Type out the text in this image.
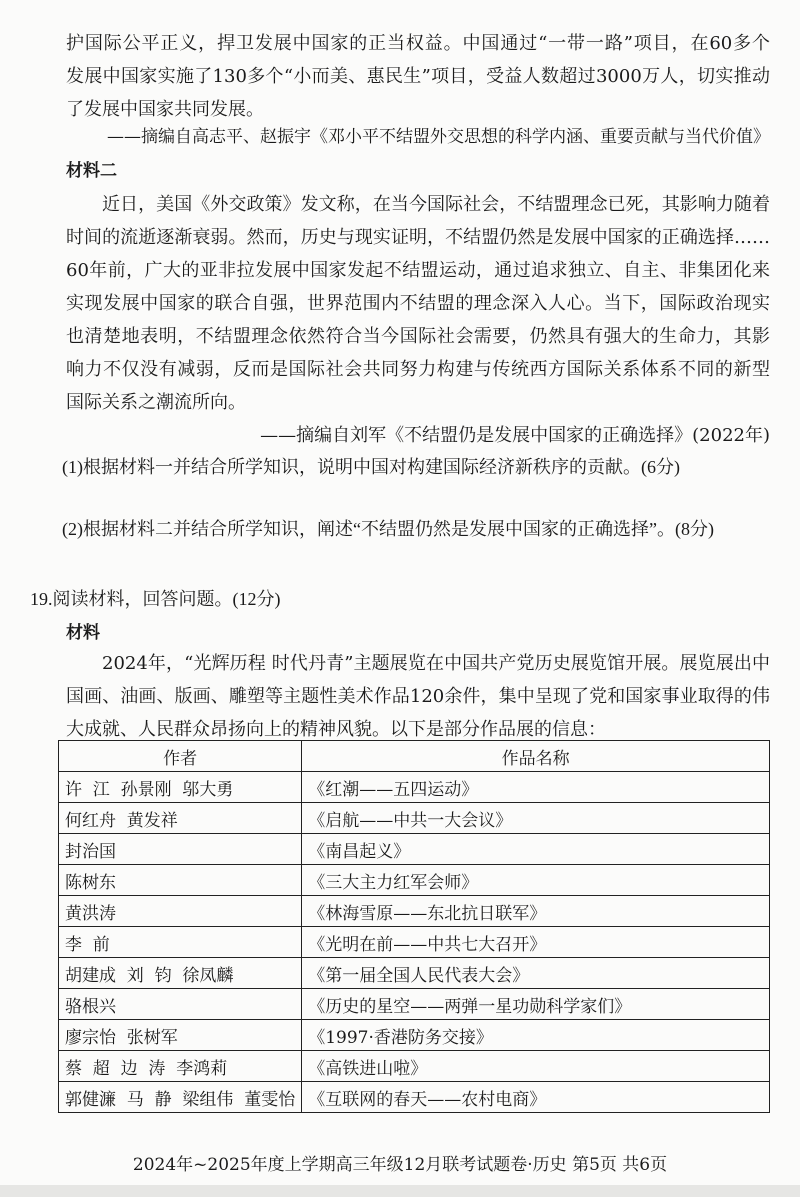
护国际公平正义，捍卫发展中国家的正当权益。中国通过“一带一路”项目，在60多个
发展中国家实施了130多个“小而美、惠民生”项目，受益人数超过3000万人，切实推动
了发展中国家共同发展。
——摘编自高志平、赵振宇《邓小平不结盟外交思想的科学内涵、重要贡献与当代价值》
材料二
近日，美国《外交政策》发文称，在当今国际社会，不结盟理念已死，其影响力随着
时间的流逝逐渐衰弱。然而，历史与现实证明，不结盟仍然是发展中国家的正确选择……
60年前，广大的亚非拉发展中国家发起不结盟运动，通过追求独立、自主、非集团化来
实现发展中国家的联合自强，世界范围内不结盟的理念深入人心。当下，国际政治现实
也清楚地表明，不结盟理念依然符合当今国际社会需要，仍然具有强大的生命力，其影
响力不仅没有减弱，反而是国际社会共同努力构建与传统西方国际关系体系不同的新型
国际关系之潮流所向。
——摘编自刘军《不结盟仍是发展中国家的正确选择》(2022年)
(1)根据材料一并结合所学知识，说明中国对构建国际经济新秩序的贡献。(6分)
(2)根据材料二并结合所学知识，阐述“不结盟仍然是发展中国家的正确选择”。(8分)
19.阅读材料，回答问题。(12分)
材料
2024年，“光辉历程 时代丹青”主题展览在中国共产党历史展览馆开展。展览展出中
国画、油画、版画、雕塑等主题性美术作品120余件，集中呈现了党和国家事业取得的伟
大成就、人民群众昂扬向上的精神风貌。以下是部分作品展的信息：
作者	作品名称
许  江  孙景刚  邬大勇	《红潮——五四运动》
何红舟  黄发祥	《启航——中共一大会议》
封治国	《南昌起义》
陈树东	《三大主力红军会师》
黄洪涛	《林海雪原——东北抗日联军》
李  前	《光明在前——中共七大召开》
胡建成  刘  钧  徐凤麟	《第一届全国人民代表大会》
骆根兴	《历史的星空——两弹一星功勋科学家们》
廖宗怡  张树军	《1997·香港防务交接》
蔡  超  边  涛  李鸿莉	《高铁进山啦》
郭健濂  马  静  梁组伟  董雯怡	《互联网的春天——农村电商》
2024年~2025年度上学期高三年级12月联考试题卷·历史 第5页 共6页
